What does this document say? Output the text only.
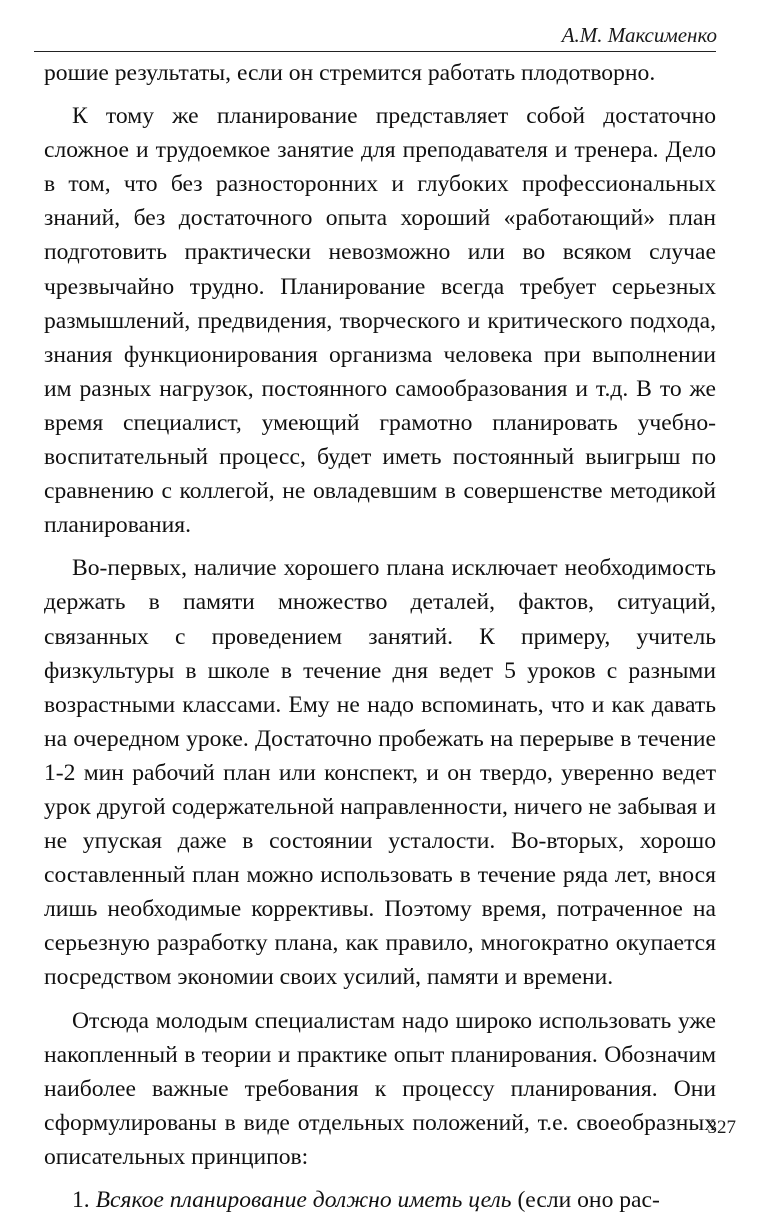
А.М. Максименко

рошие результаты, если он стремится работать плодотворно.

К тому же планирование представляет собой достаточно сложное и трудоемкое занятие для преподавателя и тренера. Дело в том, что без разносторонних и глубоких профессиональных знаний, без достаточного опыта хороший «работающий» план подготовить практически невозможно или во всяком случае чрезвычайно трудно. Планирование всегда требует серьезных размышлений, предвидения, творческого и критического подхода, знания функционирования организма человека при выполнении им разных нагрузок, постоянного самообразования и т.д. В то же время специалист, умеющий грамотно планировать учебно-воспитательный процесс, будет иметь постоянный выигрыш по сравнению с коллегой, не овладевшим в совершенстве методикой планирования.

Во-первых, наличие хорошего плана исключает необходимость держать в памяти множество деталей, фактов, ситуаций, связанных с проведением занятий. К примеру, учитель физкультуры в школе в течение дня ведет 5 уроков с разными возрастными классами. Ему не надо вспоминать, что и как давать на очередном уроке. Достаточно пробежать на перерыве в течение 1-2 мин рабочий план или конспект, и он твердо, уверенно ведет урок другой содержательной направленности, ничего не забывая и не упуская даже в состоянии усталости. Во-вторых, хорошо составленный план можно использовать в течение ряда лет, внося лишь необходимые коррективы. Поэтому время, потраченное на серьезную разработку плана, как правило, многократно окупается посредством экономии своих усилий, памяти и времени.

Отсюда молодым специалистам надо широко использовать уже накопленный в теории и практике опыт планирования. Обозначим наиболее важные требования к процессу планирования. Они сформулированы в виде отдельных положений, т.е. своеобразных описательных принципов:

1. Всякое планирование должно иметь цель (если оно рас-

327
